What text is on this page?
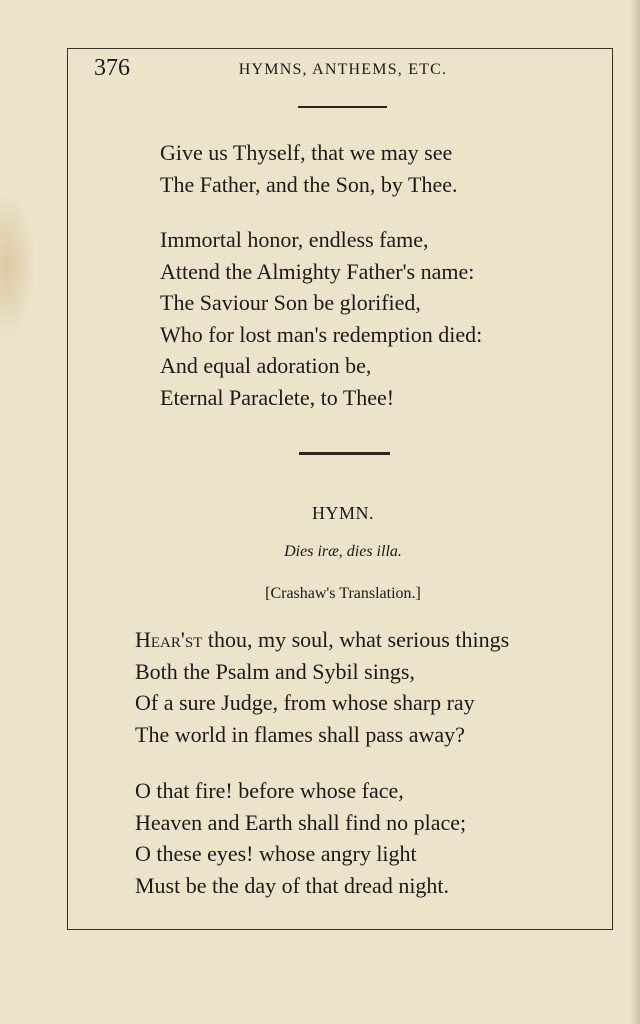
376	HYMNS, ANTHEMS, ETC.
Give us Thyself, that we may see
The Father, and the Son, by Thee.
Immortal honor, endless fame,
Attend the Almighty Father's name:
The Saviour Son be glorified,
Who for lost man's redemption died:
And equal adoration be,
Eternal Paraclete, to Thee!
HYMN.
Dies iræ, dies illa.
[Crashaw's Translation.]
Hear'st thou, my soul, what serious things
Both the Psalm and Sybil sings,
Of a sure Judge, from whose sharp ray
The world in flames shall pass away?
O that fire! before whose face,
Heaven and Earth shall find no place;
O these eyes! whose angry light
Must be the day of that dread night.
